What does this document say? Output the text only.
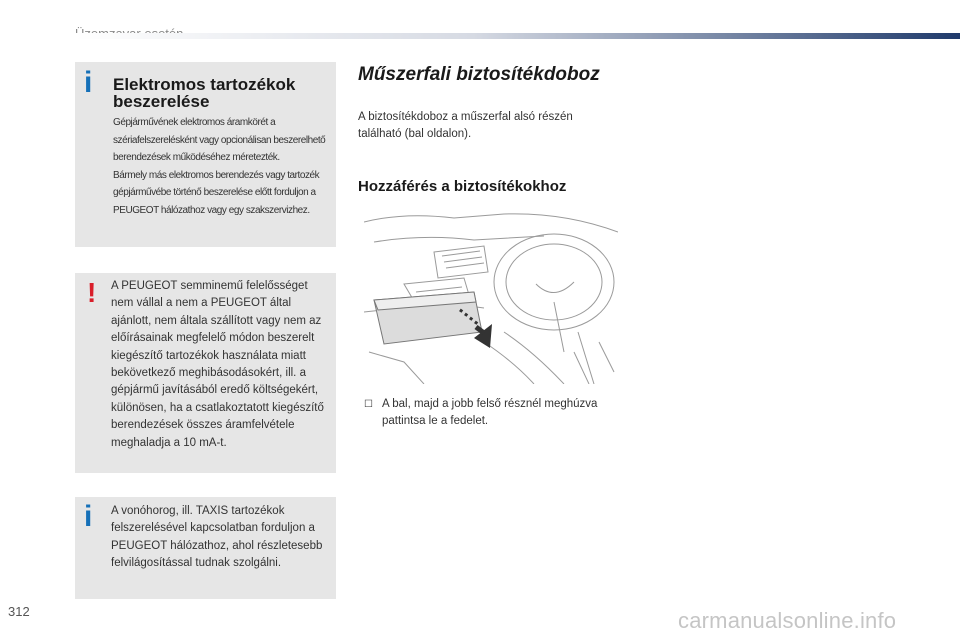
i Elektromos tartozékok beszerelése
Gépjárművének elektromos áramkörét a szériafelszerelésként vagy opcionálisan beszerelhető berendezések működéséhez méretezték.
Bármely más elektromos berendezés vagy tartozék gépjárművébe történő beszerelése előtt forduljon a PEUGEOT hálózathoz vagy egy szakszervizhez.
! A PEUGEOT semminemű felelősséget nem vállal a nem a PEUGEOT által ajánlott, nem általa szállított vagy nem az előírásainak megfelelő módon beszerelt kiegészítő tartozékok használata miatt bekövetkező meghibásodásokért, ill. a gépjármű javításából eredő költségekért, különösen, ha a csatlakoztatott kiegészítő berendezések összes áramfelvétele meghaladja a 10 mA-t.
i A vonóhorog, ill. TAXIS tartozékok felszerelésével kapcsolatban forduljon a PEUGEOT hálózathoz, ahol részletesebb felvilágosítással tudnak szolgálni.
Műszerfali biztosítékdoboz
A biztosítékdoboz a műszerfal alsó részén található (bal oldalon).
Hozzáférés a biztosítékokhoz
☐ A bal, majd a jobb felső résznél meghúzva pattintsa le a fedelet.
312	carmanualsonline.info
